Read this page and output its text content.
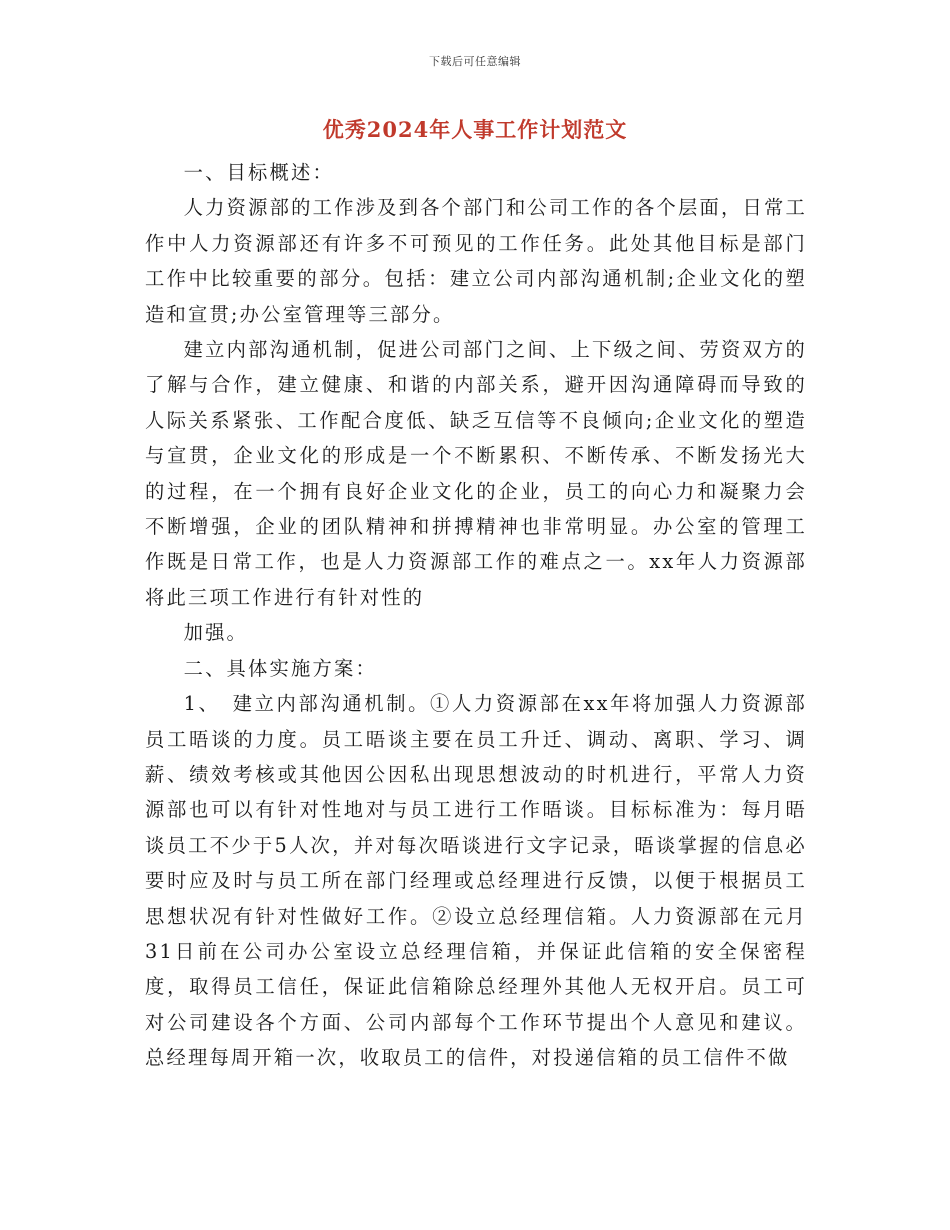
下载后可任意编辑
优秀2024年人事工作计划范文

一、目标概述：

人力资源部的工作涉及到各个部门和公司工作的各个层面，日常工作中人力资源部还有许多不可预见的工作任务。此处其他目标是部门工作中比较重要的部分。包括：建立公司内部沟通机制;企业文化的塑造和宣贯;办公室管理等三部分。

建立内部沟通机制，促进公司部门之间、上下级之间、劳资双方的了解与合作，建立健康、和谐的内部关系，避开因沟通障碍而导致的人际关系紧张、工作配合度低、缺乏互信等不良倾向;企业文化的塑造与宣贯，企业文化的形成是一个不断累积、不断传承、不断发扬光大的过程，在一个拥有良好企业文化的企业，员工的向心力和凝聚力会不断增强，企业的团队精神和拼搏精神也非常明显。办公室的管理工作既是日常工作，也是人力资源部工作的难点之一。xx年人力资源部将此三项工作进行有针对性的

加强。

二、具体实施方案：

1、　建立内部沟通机制。①人力资源部在xx年将加强人力资源部员工晤谈的力度。员工晤谈主要在员工升迁、调动、离职、学习、调薪、绩效考核或其他因公因私出现思想波动的时机进行，平常人力资源部也可以有针对性地对与员工进行工作晤谈。目标标准为：每月晤谈员工不少于5人次，并对每次晤谈进行文字记录，晤谈掌握的信息必要时应及时与员工所在部门经理或总经理进行反馈，以便于根据员工思想状况有针对性做好工作。②设立总经理信箱。人力资源部在元月31日前在公司办公室设立总经理信箱，并保证此信箱的安全保密程度，取得员工信任，保证此信箱除总经理外其他人无权开启。员工可对公司建设各个方面、公司内部每个工作环节提出个人意见和建议。总经理每周开箱一次，收取员工的信件，对投递信箱的员工信件不做
